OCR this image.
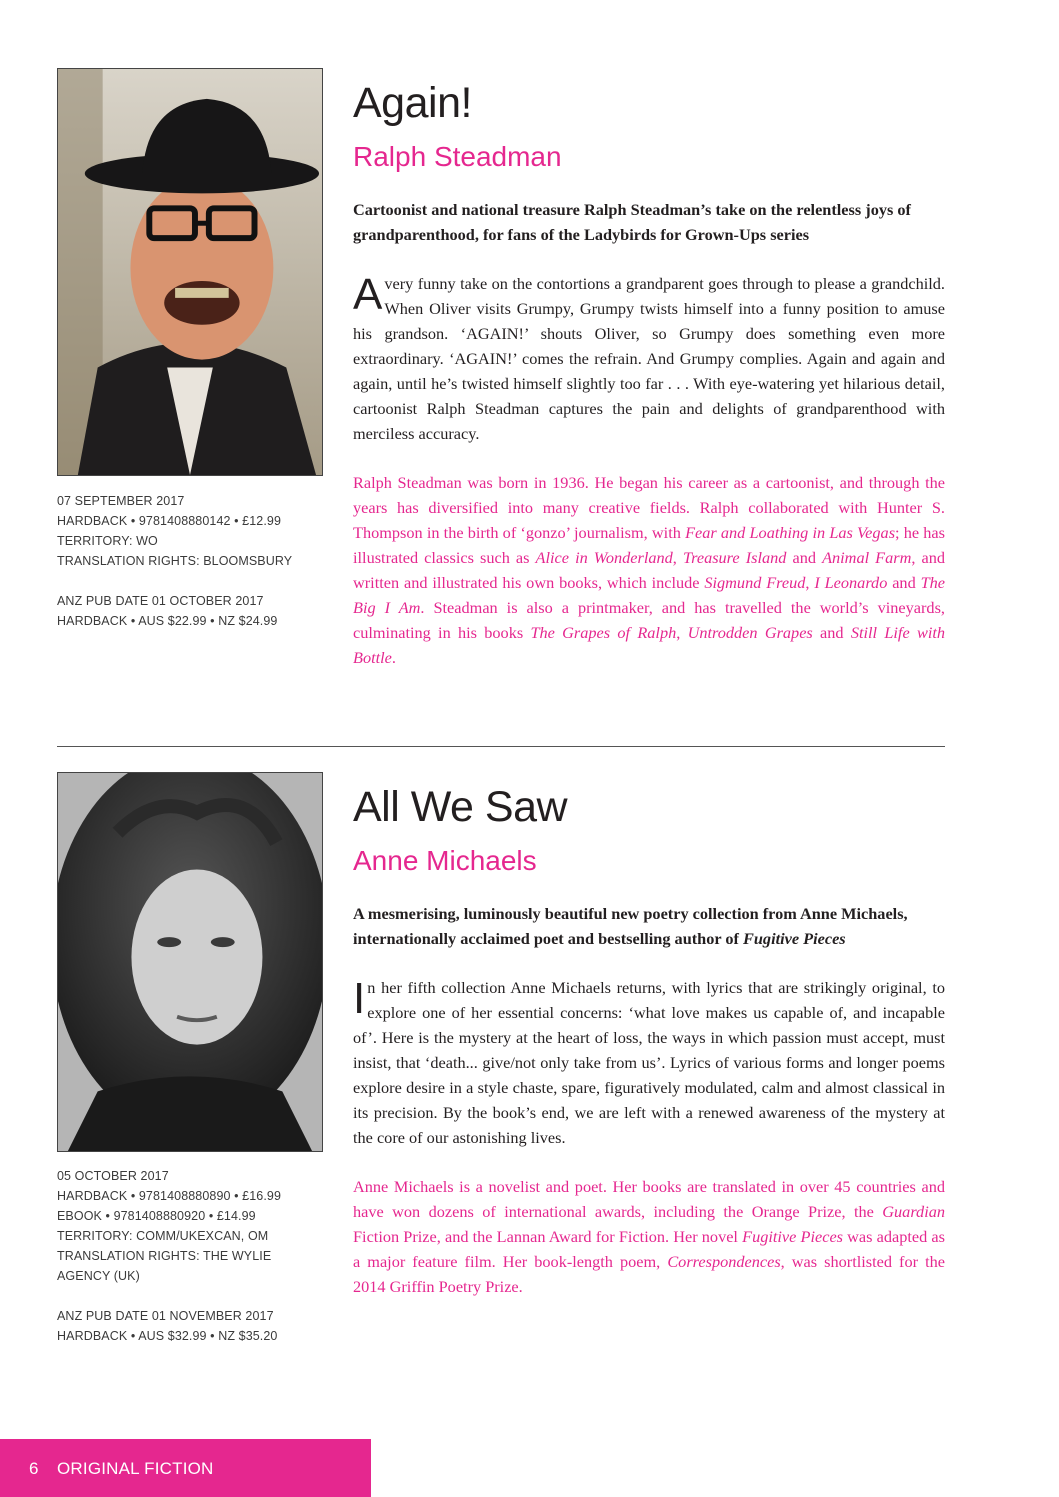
07 SEPTEMBER 2017
HARDBACK • 9781408880142 • £12.99
TERRITORY: WO
TRANSLATION RIGHTS: BLOOMSBURY
ANZ PUB DATE 01 OCTOBER 2017
HARDBACK • AUS $22.99 • NZ $24.99
Again!
Ralph Steadman

Cartoonist and national treasure Ralph Steadman’s take on the relentless joys of grandparenthood, for fans of the Ladybirds for Grown-Ups series

A very funny take on the contortions a grandparent goes through to please a grandchild. When Oliver visits Grumpy, Grumpy twists himself into a funny position to amuse his grandson. ‘AGAIN!’ shouts Oliver, so Grumpy does something even more extraordinary. ‘AGAIN!’ comes the refrain. And Grumpy complies. Again and again and again, until he’s twisted himself slightly too far . . . With eye-watering yet hilarious detail, cartoonist Ralph Steadman captures the pain and delights of grandparenthood with merciless accuracy.

Ralph Steadman was born in 1936. He began his career as a cartoonist, and through the years has diversified into many creative fields. Ralph collaborated with Hunter S. Thompson in the birth of ‘gonzo’ journalism, with Fear and Loathing in Las Vegas; he has illustrated classics such as Alice in Wonderland, Treasure Island and Animal Farm, and written and illustrated his own books, which include Sigmund Freud, I Leonardo and The Big I Am. Steadman is also a printmaker, and has travelled the world’s vineyards, culminating in his books The Grapes of Ralph, Untrodden Grapes and Still Life with Bottle.

05 OCTOBER 2017
HARDBACK • 9781408880890 • £16.99
EBOOK • 9781408880920 • £14.99
TERRITORY: COMM/UKEXCAN, OM
TRANSLATION RIGHTS: THE WYLIE AGENCY (UK)
ANZ PUB DATE 01 NOVEMBER 2017
HARDBACK • AUS $32.99 • NZ $35.20
All We Saw
Anne Michaels

A mesmerising, luminously beautiful new poetry collection from Anne Michaels, internationally acclaimed poet and bestselling author of Fugitive Pieces

In her fifth collection Anne Michaels returns, with lyrics that are strikingly original, to explore one of her essential concerns: ‘what love makes us capable of, and incapable of’. Here is the mystery at the heart of loss, the ways in which passion must accept, must insist, that ‘death... give/not only take from us’. Lyrics of various forms and longer poems explore desire in a style chaste, spare, figuratively modulated, calm and almost classical in its precision. By the book’s end, we are left with a renewed awareness of the mystery at the core of our astonishing lives.

Anne Michaels is a novelist and poet. Her books are translated in over 45 countries and have won dozens of international awards, including the Orange Prize, the Guardian Fiction Prize, and the Lannan Award for Fiction. Her novel Fugitive Pieces was adapted as a major feature film. Her book-length poem, Correspondences, was shortlisted for the 2014 Griffin Poetry Prize.

6 ORIGINAL FICTION
